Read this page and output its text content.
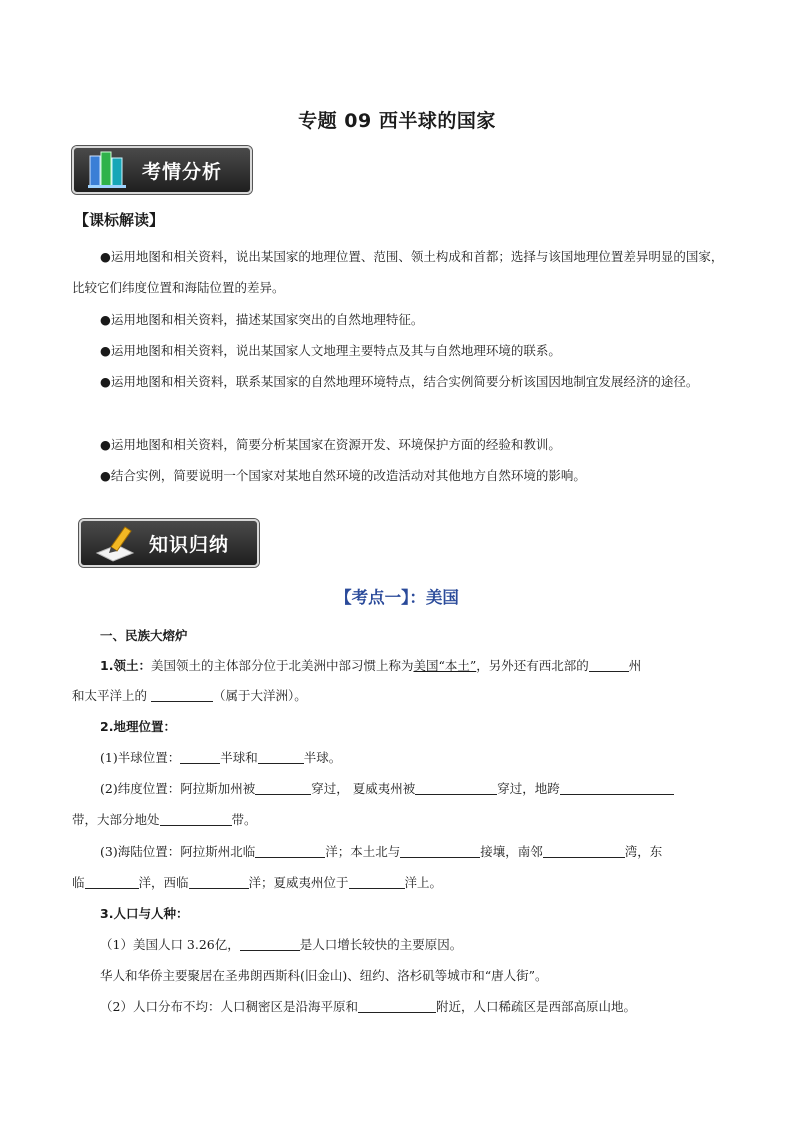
专题 09 西半球的国家
考情分析
【课标解读】
●运用地图和相关资料，说出某国家的地理位置、范围、领土构成和首都；选择与该国地理位置差异明显的国家，比较它们纬度位置和海陆位置的差异。
●运用地图和相关资料，描述某国家突出的自然地理特征。
●运用地图和相关资料，说出某国家人文地理主要特点及其与自然地理环境的联系。
●运用地图和相关资料，联系某国家的自然地理环境特点，结合实例简要分析该国因地制宜发展经济的途径。
●运用地图和相关资料，简要分析某国家在资源开发、环境保护方面的经验和教训。
●结合实例，简要说明一个国家对某地自然环境的改造活动对其他地方自然环境的影响。
知识归纳
【考点一】：美国
一、民族大熔炉
1.领土：美国领土的主体部分位于北美洲中部习惯上称为美国“本土”，另外还有西北部的	州
和太平洋上的	（属于大洋洲）。
2.地理位置：
(1)半球位置：	半球和	半球。
(2)纬度位置：阿拉斯加州被	穿过， 夏威夷州被	穿过，地跨
带，大部分地处	带。
(3)海陆位置：阿拉斯州北临	洋；本土北与	接壤，南邻	湾，东
临	洋，西临	洋；夏威夷州位于	洋上。
3.人口与人种：
（1）美国人口 3.26亿，	是人口增长较快的主要原因。
华人和华侨主要聚居在圣弗朗西斯科(旧金山)、纽约、洛杉矶等城市和“唐人街”。
（2）人口分布不均：人口稠密区是沿海平原和	附近，人口稀疏区是西部高原山地。
